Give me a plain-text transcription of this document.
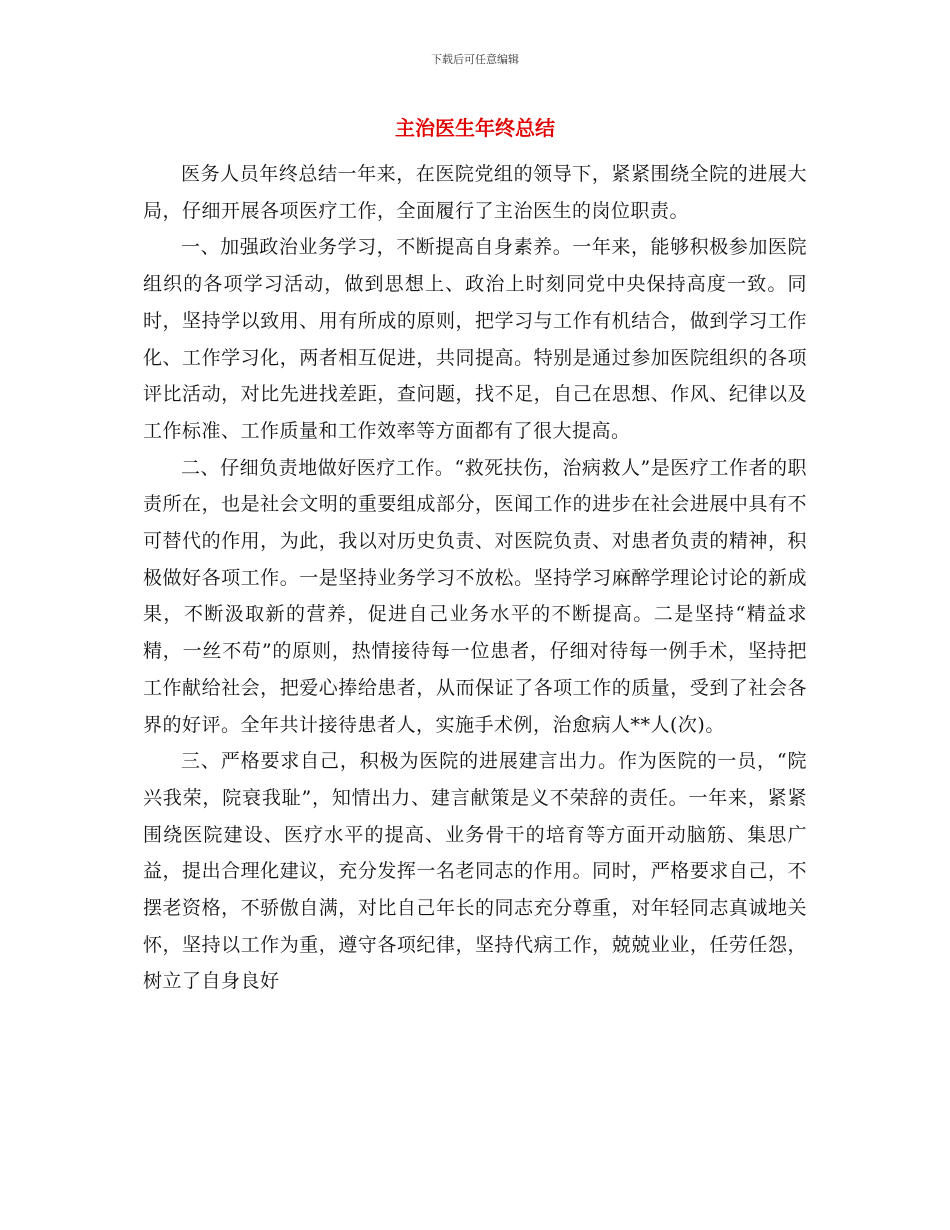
下载后可任意编辑
主治医生年终总结

医务人员年终总结一年来，在医院党组的领导下，紧紧围绕全院的进展大局，仔细开展各项医疗工作，全面履行了主治医生的岗位职责。

一、加强政治业务学习，不断提高自身素养。一年来，能够积极参加医院组织的各项学习活动，做到思想上、政治上时刻同党中央保持高度一致。同时，坚持学以致用、用有所成的原则，把学习与工作有机结合，做到学习工作化、工作学习化，两者相互促进，共同提高。特别是通过参加医院组织的各项评比活动，对比先进找差距，查问题，找不足，自己在思想、作风、纪律以及工作标准、工作质量和工作效率等方面都有了很大提高。

二、仔细负责地做好医疗工作。“救死扶伤，治病救人”是医疗工作者的职责所在，也是社会文明的重要组成部分，医闻工作的进步在社会进展中具有不可替代的作用，为此，我以对历史负责、对医院负责、对患者负责的精神，积极做好各项工作。一是坚持业务学习不放松。坚持学习麻醉学理论讨论的新成果，不断汲取新的营养，促进自己业务水平的不断提高。二是坚持“精益求精，一丝不苟”的原则，热情接待每一位患者，仔细对待每一例手术，坚持把工作献给社会，把爱心捧给患者，从而保证了各项工作的质量，受到了社会各界的好评。全年共计接待患者人，实施手术例，治愈病人**人(次)。

三、严格要求自己，积极为医院的进展建言出力。作为医院的一员，“院兴我荣，院衰我耻”，知情出力、建言献策是义不荣辞的责任。一年来，紧紧围绕医院建设、医疗水平的提高、业务骨干的培育等方面开动脑筋、集思广益，提出合理化建议，充分发挥一名老同志的作用。同时，严格要求自己，不摆老资格，不骄傲自满，对比自己年长的同志充分尊重，对年轻同志真诚地关怀，坚持以工作为重，遵守各项纪律，坚持代病工作，兢兢业业，任劳任怨，树立了自身良好
